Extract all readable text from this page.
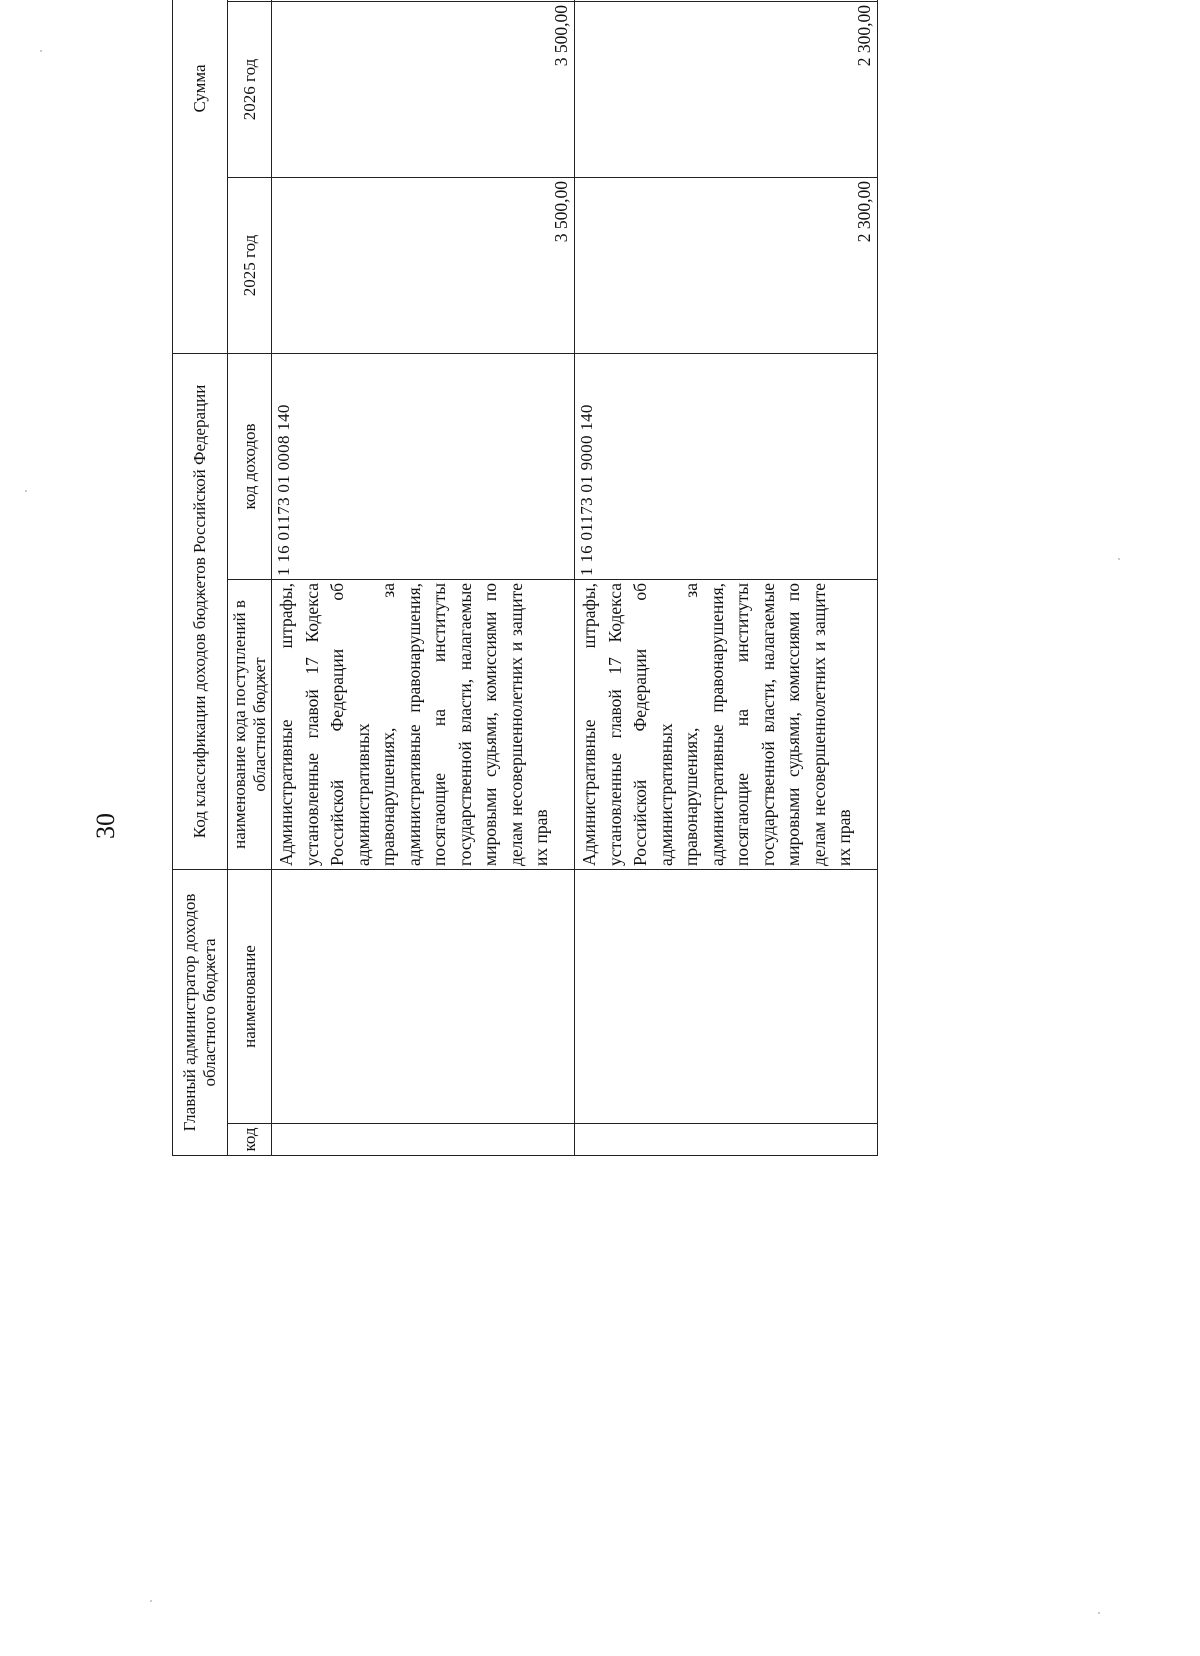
30
Главный администратор доходов областного бюджета		Код классификации доходов бюджетов Российской Федерации		Сумма		
код	наименование	наименование кода поступлений в областной бюджет	код доходов	2025 год	2026 год	
		Административные штрафы, установленные главой 17 Кодекса Российской Федерации об административных правонарушениях, за административные правонарушения, посягающие на институты государственной власти, налагаемые мировыми судьями, комиссиями по делам несовершеннолетних и защите их прав	1 16 01173 01 0008 140	3 500,00	3 500,00	
		Административные штрафы, установленные главой 17 Кодекса Российской Федерации об административных правонарушениях, за административные правонарушения, посягающие на институты государственной власти, налагаемые мировыми судьями, комиссиями по делам несовершеннолетних и защите их прав	1 16 01173 01 9000 140	2 300,00	2 300,00	
